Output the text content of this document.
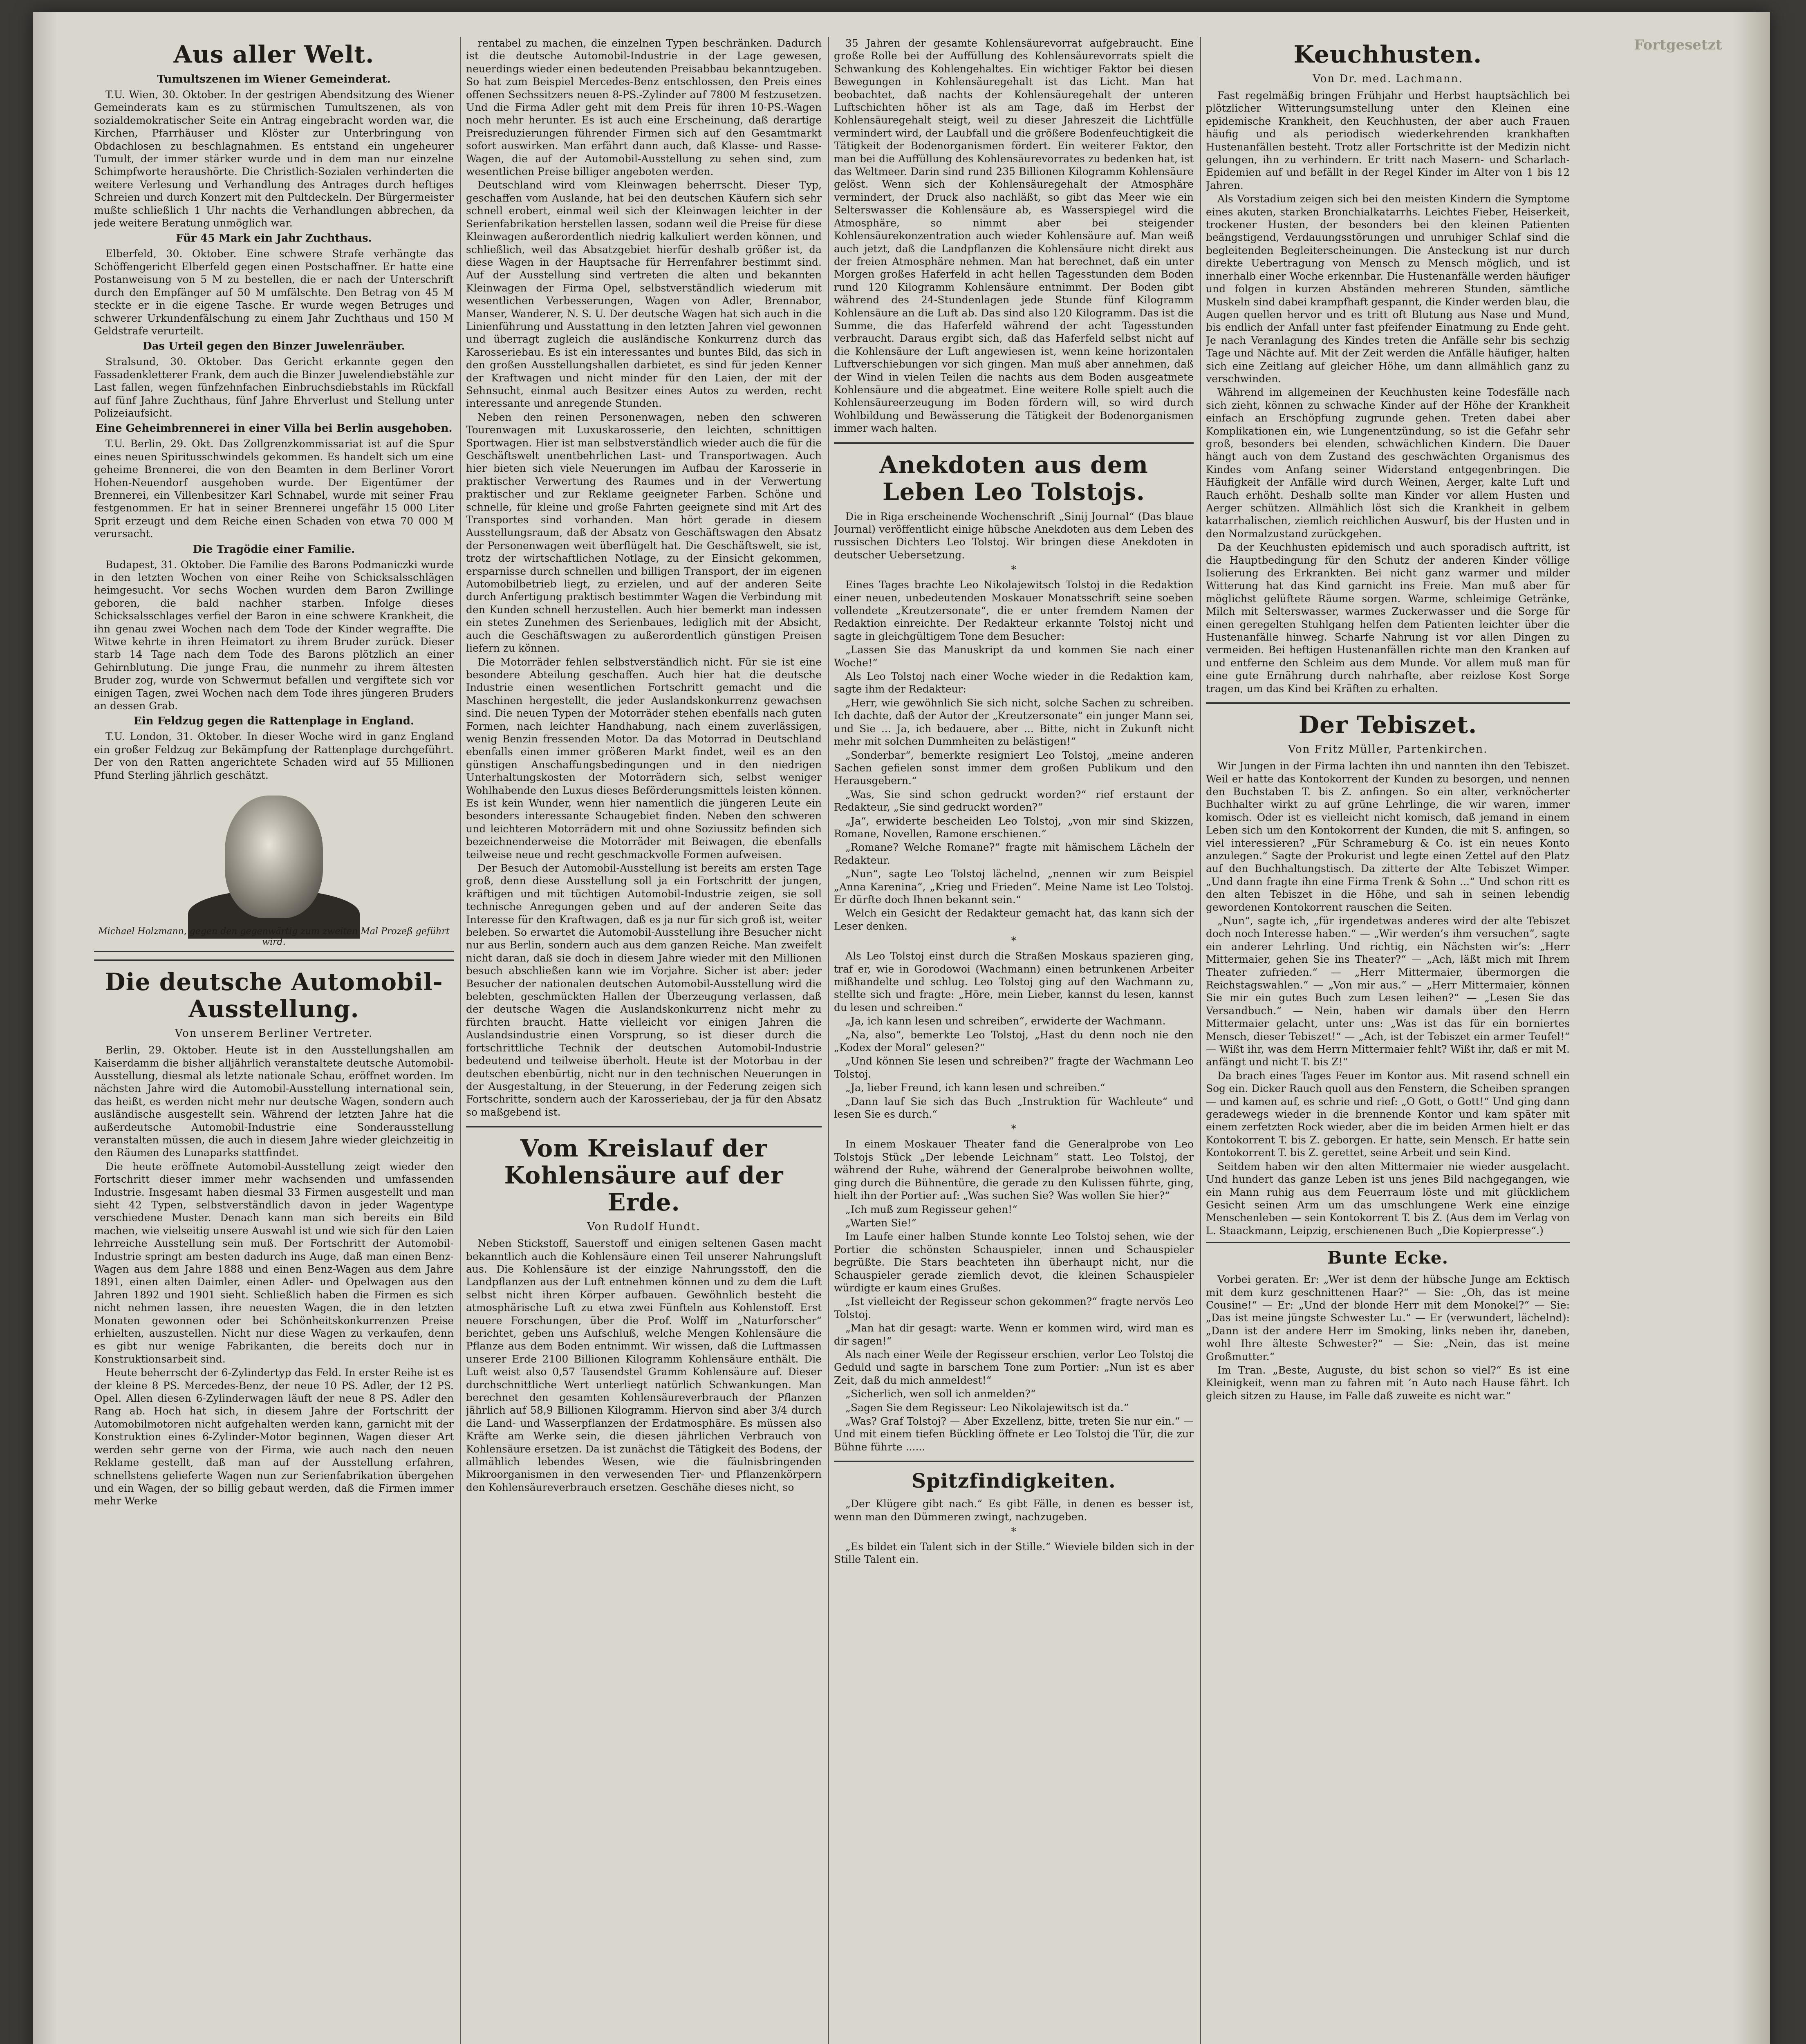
Aus aller Welt.
Tumultszenen im Wiener Gemeinderat.

T.U. Wien, 30. Oktober. In der gestrigen Abendsitzung des Wiener Gemeinderats kam es zu stürmischen Tumultszenen, als von sozialdemokratischer Seite ein Antrag eingebracht worden war, die Kirchen, Pfarrhäuser und Klöster zur Unterbringung von Obdachlosen zu beschlagnahmen. Es entstand ein ungeheurer Tumult, der immer stärker wurde und in dem man nur einzelne Schimpfworte heraushörte. Die Christlich-Sozialen verhinderten die weitere Verlesung und Verhandlung des Antrages durch heftiges Schreien und durch Konzert mit den Pultdeckeln. Der Bürgermeister mußte schließlich 1 Uhr nachts die Verhandlungen abbrechen, da jede weitere Beratung unmöglich war.

Für 45 Mark ein Jahr Zuchthaus.

Elberfeld, 30. Oktober. Eine schwere Strafe verhängte das Schöffengericht Elberfeld gegen einen Postschaffner. Er hatte eine Postanweisung von 5 M zu bestellen, die er nach der Unterschrift durch den Empfänger auf 50 M umfälschte. Den Betrag von 45 M steckte er in die eigene Tasche. Er wurde wegen Betruges und schwerer Urkundenfälschung zu einem Jahr Zuchthaus und 150 M Geldstrafe verurteilt.

Das Urteil gegen den Binzer Juwelenräuber.

Stralsund, 30. Oktober. Das Gericht erkannte gegen den Fassadenkletterer Frank, dem auch die Binzer Juwelendiebstähle zur Last fallen, wegen fünfzehnfachen Einbruchsdiebstahls im Rückfall auf fünf Jahre Zuchthaus, fünf Jahre Ehrverlust und Stellung unter Polizeiaufsicht.

Eine Geheimbrennerei in einer Villa bei Berlin ausgehoben.

T.U. Berlin, 29. Okt. Das Zollgrenzkommissariat ist auf die Spur eines neuen Spiritusschwindels gekommen. Es handelt sich um eine geheime Brennerei, die von den Beamten in dem Berliner Vorort Hohen-Neuendorf ausgehoben wurde. Der Eigentümer der Brennerei, ein Villenbesitzer Karl Schnabel, wurde mit seiner Frau festgenommen. Er hat in seiner Brennerei ungefähr 15 000 Liter Sprit erzeugt und dem Reiche einen Schaden von etwa 70 000 M verursacht.

Die Tragödie einer Familie.

Budapest, 31. Oktober. Die Familie des Barons Podmaniczki wurde in den letzten Wochen von einer Reihe von Schicksalsschlägen heimgesucht. Vor sechs Wochen wurden dem Baron Zwillinge geboren, die bald nachher starben. Infolge dieses Schicksalsschlages verfiel der Baron in eine schwere Krankheit, die ihn genau zwei Wochen nach dem Tode der Kinder wegraffte. Die Witwe kehrte in ihren Heimatort zu ihrem Bruder zurück. Dieser starb 14 Tage nach dem Tode des Barons plötzlich an einer Gehirnblutung. Die junge Frau, die nunmehr zu ihrem ältesten Bruder zog, wurde von Schwermut befallen und vergiftete sich vor einigen Tagen, zwei Wochen nach dem Tode ihres jüngeren Bruders an dessen Grab.

Ein Feldzug gegen die Rattenplage in England.

T.U. London, 31. Oktober. In dieser Woche wird in ganz England ein großer Feldzug zur Bekämpfung der Rattenplage durchgeführt. Der von den Ratten angerichtete Schaden wird auf 55 Millionen Pfund Sterling jährlich geschätzt.

Michael Holzmann, gegen den gegenwärtig zum zweiten Mal Prozeß geführt wird.
Die deutsche Automobil-Ausstellung.
Von unserem Berliner Vertreter.

Berlin, 29. Oktober. Heute ist in den Ausstellungshallen am Kaiserdamm die bisher alljährlich veranstaltete deutsche Automobil-Ausstellung, diesmal als letzte nationale Schau, eröffnet worden. Im nächsten Jahre wird die Automobil-Ausstellung international sein, das heißt, es werden nicht mehr nur deutsche Wagen, sondern auch ausländische ausgestellt sein. Während der letzten Jahre hat die außerdeutsche Automobil-Industrie eine Sonderausstellung veranstalten müssen, die auch in diesem Jahre wieder gleichzeitig in den Räumen des Lunaparks stattfindet.

Die heute eröffnete Automobil-Ausstellung zeigt wieder den Fortschritt dieser immer mehr wachsenden und umfassenden Industrie. Insgesamt haben diesmal 33 Firmen ausgestellt und man sieht 42 Typen, selbstverständlich davon in jeder Wagentype verschiedene Muster. Denach kann man sich bereits ein Bild machen, wie vielseitig unsere Auswahl ist und wie sich für den Laien lehrreiche Ausstellung sein muß. Der Fortschritt der Automobil-Industrie springt am besten dadurch ins Auge, daß man einen Benz-Wagen aus dem Jahre 1888 und einen Benz-Wagen aus dem Jahre 1891, einen alten Daimler, einen Adler- und Opelwagen aus den Jahren 1892 und 1901 sieht. Schließlich haben die Firmen es sich nicht nehmen lassen, ihre neuesten Wagen, die in den letzten Monaten gewonnen oder bei Schönheitskonkurrenzen Preise erhielten, auszustellen. Nicht nur diese Wagen zu verkaufen, denn es gibt nur wenige Fabrikanten, die bereits doch nur in Konstruktionsarbeit sind.

Heute beherrscht der 6-Zylindertyp das Feld. In erster Reihe ist es der kleine 8 PS. Mercedes-Benz, der neue 10 PS. Adler, der 12 PS. Opel. Allen diesen 6-Zylinderwagen läuft der neue 8 PS. Adler den Rang ab. Hoch hat sich, in diesem Jahre der Fortschritt der Automobilmotoren nicht aufgehalten werden kann, garnicht mit der Konstruktion eines 6-Zylinder-Motor beginnen, Wagen dieser Art werden sehr gerne von der Firma, wie auch nach den neuen Reklame gestellt, daß man auf der Ausstellung erfahren, schnellstens gelieferte Wagen nun zur Serienfabrikation übergehen und ein Wagen, der so billig gebaut werden, daß die Firmen immer mehr Werke

rentabel zu machen, die einzelnen Typen beschränken. Dadurch ist die deutsche Automobil-Industrie in der Lage gewesen, neuerdings wieder einen bedeutenden Preisabbau bekanntzugeben. So hat zum Beispiel Mercedes-Benz entschlossen, den Preis eines offenen Sechssitzers neuen 8-PS.-Zylinder auf 7800 M festzusetzen. Und die Firma Adler geht mit dem Preis für ihren 10-PS.-Wagen noch mehr herunter. Es ist auch eine Erscheinung, daß derartige Preisreduzierungen führender Firmen sich auf den Gesamtmarkt sofort auswirken. Man erfährt dann auch, daß Klasse- und Rasse-Wagen, die auf der Automobil-Ausstellung zu sehen sind, zum wesentlichen Preise billiger angeboten werden.

Deutschland wird vom Kleinwagen beherrscht. Dieser Typ, geschaffen vom Auslande, hat bei den deutschen Käufern sich sehr schnell erobert, einmal weil sich der Kleinwagen leichter in der Serienfabrikation herstellen lassen, sodann weil die Preise für diese Kleinwagen außerordentlich niedrig kalkuliert werden können, und schließlich, weil das Absatzgebiet hierfür deshalb größer ist, da diese Wagen in der Hauptsache für Herrenfahrer bestimmt sind. Auf der Ausstellung sind vertreten die alten und bekannten Kleinwagen der Firma Opel, selbstverständlich wiederum mit wesentlichen Verbesserungen, Wagen von Adler, Brennabor, Manser, Wanderer, N. S. U. Der deutsche Wagen hat sich auch in die Linienführung und Ausstattung in den letzten Jahren viel gewonnen und überragt zugleich die ausländische Konkurrenz durch das Karosseriebau. Es ist ein interessantes und buntes Bild, das sich in den großen Ausstellungshallen darbietet, es sind für jeden Kenner der Kraftwagen und nicht minder für den Laien, der mit der Sehnsucht, einmal auch Besitzer eines Autos zu werden, recht interessante und anregende Stunden.

Neben den reinen Personenwagen, neben den schweren Tourenwagen mit Luxuskarosserie, den leichten, schnittigen Sportwagen. Hier ist man selbstverständlich wieder auch die für die Geschäftswelt unentbehrlichen Last- und Transportwagen. Auch hier bieten sich viele Neuerungen im Aufbau der Karosserie in praktischer Verwertung des Raumes und in der Verwertung praktischer und zur Reklame geeigneter Farben. Schöne und schnelle, für kleine und große Fahrten geeignete sind mit Art des Transportes sind vorhanden. Man hört gerade in diesem Ausstellungsraum, daß der Absatz von Geschäftswagen den Absatz der Personenwagen weit überflügelt hat. Die Geschäftswelt, sie ist, trotz der wirtschaftlichen Notlage, zu der Einsicht gekommen, ersparnisse durch schnellen und billigen Transport, der im eigenen Automobilbetrieb liegt, zu erzielen, und auf der anderen Seite durch Anfertigung praktisch bestimmter Wagen die Verbindung mit den Kunden schnell herzustellen. Auch hier bemerkt man indessen ein stetes Zunehmen des Serienbaues, lediglich mit der Absicht, auch die Geschäftswagen zu außerordentlich günstigen Preisen liefern zu können.

Die Motorräder fehlen selbstverständlich nicht. Für sie ist eine besondere Abteilung geschaffen. Auch hier hat die deutsche Industrie einen wesentlichen Fortschritt gemacht und die Maschinen hergestellt, die jeder Auslandskonkurrenz gewachsen sind. Die neuen Typen der Motorräder stehen ebenfalls nach guten Formen, nach leichter Handhabung, nach einem zuverlässigen, wenig Benzin fressenden Motor. Da das Motorrad in Deutschland ebenfalls einen immer größeren Markt findet, weil es an den günstigen Anschaffungsbedingungen und in den niedrigen Unterhaltungskosten der Motorrädern sich, selbst weniger Wohlhabende den Luxus dieses Beförderungsmittels leisten können. Es ist kein Wunder, wenn hier namentlich die jüngeren Leute ein besonders interessante Schaugebiet finden. Neben den schweren und leichteren Motorrädern mit und ohne Soziussitz befinden sich bezeichnenderweise die Motorräder mit Beiwagen, die ebenfalls teilweise neue und recht geschmackvolle Formen aufweisen.

Der Besuch der Automobil-Ausstellung ist bereits am ersten Tage groß, denn diese Ausstellung soll ja ein Fortschritt der jungen, kräftigen und mit tüchtigen Automobil-Industrie zeigen, sie soll technische Anregungen geben und auf der anderen Seite das Interesse für den Kraftwagen, daß es ja nur für sich groß ist, weiter beleben. So erwartet die Automobil-Ausstellung ihre Besucher nicht nur aus Berlin, sondern auch aus dem ganzen Reiche. Man zweifelt nicht daran, daß sie doch in diesem Jahre wieder mit den Millionen besuch abschließen kann wie im Vorjahre. Sicher ist aber: jeder Besucher der nationalen deutschen Automobil-Ausstellung wird die belebten, geschmückten Hallen der Überzeugung verlassen, daß der deutsche Wagen die Auslandskonkurrenz nicht mehr zu fürchten braucht. Hatte vielleicht vor einigen Jahren die Auslandsindustrie einen Vorsprung, so ist dieser durch die fortschrittliche Technik der deutschen Automobil-Industrie bedeutend und teilweise überholt. Heute ist der Motorbau in der deutschen ebenbürtig, nicht nur in den technischen Neuerungen in der Ausgestaltung, in der Steuerung, in der Federung zeigen sich Fortschritte, sondern auch der Karosseriebau, der ja für den Absatz so maßgebend ist.

Vom Kreislauf der Kohlensäure auf der Erde.
Von Rudolf Hundt.

Neben Stickstoff, Sauerstoff und einigen seltenen Gasen macht bekanntlich auch die Kohlensäure einen Teil unserer Nahrungsluft aus. Die Kohlensäure ist der einzige Nahrungsstoff, den die Landpflanzen aus der Luft entnehmen können und zu dem die Luft selbst nicht ihren Körper aufbauen. Gewöhnlich besteht die atmosphärische Luft zu etwa zwei Fünfteln aus Kohlenstoff. Erst neuere Forschungen, über die Prof. Wolff im „Naturforscher“ berichtet, geben uns Aufschluß, welche Mengen Kohlensäure die Pflanze aus dem Boden entnimmt. Wir wissen, daß die Luftmassen unserer Erde 2100 Billionen Kilogramm Kohlensäure enthält. Die Luft weist also 0,57 Tausendstel Gramm Kohlensäure auf. Dieser durchschnittliche Wert unterliegt natürlich Schwankungen. Man berechnet den gesamten Kohlensäureverbrauch der Pflanzen jährlich auf 58,9 Billionen Kilogramm. Hiervon sind aber 3/4 durch die Land- und Wasserpflanzen der Erdatmosphäre. Es müssen also Kräfte am Werke sein, die diesen jährlichen Verbrauch von Kohlensäure ersetzen. Da ist zunächst die Tätigkeit des Bodens, der allmählich lebendes Wesen, wie die fäulnisbringenden Mikroorganismen in den verwesenden Tier- und Pflanzenkörpern den Kohlensäureverbrauch ersetzen. Geschähe dieses nicht, so

35 Jahren der gesamte Kohlensäurevorrat aufgebraucht. Eine große Rolle bei der Auffüllung des Kohlensäurevorrats spielt die Schwankung des Kohlengehaltes. Ein wichtiger Faktor bei diesen Bewegungen in Kohlensäuregehalt ist das Licht. Man hat beobachtet, daß nachts der Kohlensäuregehalt der unteren Luftschichten höher ist als am Tage, daß im Herbst der Kohlensäuregehalt steigt, weil zu dieser Jahreszeit die Lichtfülle vermindert wird, der Laubfall und die größere Bodenfeuchtigkeit die Tätigkeit der Bodenorganismen fördert. Ein weiterer Faktor, den man bei die Auffüllung des Kohlensäurevorrates zu bedenken hat, ist das Weltmeer. Darin sind rund 235 Billionen Kilogramm Kohlensäure gelöst. Wenn sich der Kohlensäuregehalt der Atmosphäre vermindert, der Druck also nachläßt, so gibt das Meer wie ein Selterswasser die Kohlensäure ab, es Wasserspiegel wird die Atmosphäre, so nimmt aber bei steigender Kohlensäurekonzentration auch wieder Kohlensäure auf. Man weiß auch jetzt, daß die Landpflanzen die Kohlensäure nicht direkt aus der freien Atmosphäre nehmen. Man hat berechnet, daß ein unter Morgen großes Haferfeld in acht hellen Tagesstunden dem Boden rund 120 Kilogramm Kohlensäure entnimmt. Der Boden gibt während des 24-Stundenlagen jede Stunde fünf Kilogramm Kohlensäure an die Luft ab. Das sind also 120 Kilogramm. Das ist die Summe, die das Haferfeld während der acht Tagesstunden verbraucht. Daraus ergibt sich, daß das Haferfeld selbst nicht auf die Kohlensäure der Luft angewiesen ist, wenn keine horizontalen Luftverschiebungen vor sich gingen. Man muß aber annehmen, daß der Wind in vielen Teilen die nachts aus dem Boden ausgeatmete Kohlensäure und die abgeatmet. Eine weitere Rolle spielt auch die Kohlensäureerzeugung im Boden fördern will, so wird durch Wohlbildung und Bewässerung die Tätigkeit der Bodenorganismen immer wach halten.

Anekdoten aus dem Leben Leo Tolstojs.

Die in Riga erscheinende Wochenschrift „Sinij Journal“ (Das blaue Journal) veröffentlicht einige hübsche Anekdoten aus dem Leben des russischen Dichters Leo Tolstoj. Wir bringen diese Anekdoten in deutscher Uebersetzung.

*

Eines Tages brachte Leo Nikolajewitsch Tolstoj in die Redaktion einer neuen, unbedeutenden Moskauer Monatsschrift seine soeben vollendete „Kreutzersonate“, die er unter fremdem Namen der Redaktion einreichte. Der Redakteur erkannte Tolstoj nicht und sagte in gleichgültigem Tone dem Besucher:

„Lassen Sie das Manuskript da und kommen Sie nach einer Woche!“

Als Leo Tolstoj nach einer Woche wieder in die Redaktion kam, sagte ihm der Redakteur:

„Herr, wie gewöhnlich Sie sich nicht, solche Sachen zu schreiben. Ich dachte, daß der Autor der „Kreutzersonate“ ein junger Mann sei, und Sie ... Ja, ich bedauere, aber ... Bitte, nicht in Zukunft nicht mehr mit solchen Dummheiten zu belästigen!“

„Sonderbar“, bemerkte resigniert Leo Tolstoj, „meine anderen Sachen gefielen sonst immer dem großen Publikum und den Herausgebern.“

„Was, Sie sind schon gedruckt worden?“ rief erstaunt der Redakteur, „Sie sind gedruckt worden?“

„Ja“, erwiderte bescheiden Leo Tolstoj, „von mir sind Skizzen, Romane, Novellen, Ramone erschienen.“

„Romane? Welche Romane?“ fragte mit hämischem Lächeln der Redakteur.

„Nun“, sagte Leo Tolstoj lächelnd, „nennen wir zum Beispiel „Anna Karenina“, „Krieg und Frieden“. Meine Name ist Leo Tolstoj. Er dürfte doch Ihnen bekannt sein.“

Welch ein Gesicht der Redakteur gemacht hat, das kann sich der Leser denken.

*

Als Leo Tolstoj einst durch die Straßen Moskaus spazieren ging, traf er, wie in Gorodowoi (Wachmann) einen betrunkenen Arbeiter mißhandelte und schlug. Leo Tolstoj ging auf den Wachmann zu, stellte sich und fragte: „Höre, mein Lieber, kannst du lesen, kannst du lesen und schreiben.“

„Ja, ich kann lesen und schreiben“, erwiderte der Wachmann.

„Na, also“, bemerkte Leo Tolstoj, „Hast du denn noch nie den „Kodex der Moral“ gelesen?“

„Und können Sie lesen und schreiben?“ fragte der Wachmann Leo Tolstoj.

„Ja, lieber Freund, ich kann lesen und schreiben.“

„Dann lauf Sie sich das Buch „Instruktion für Wachleute“ und lesen Sie es durch.“

*

In einem Moskauer Theater fand die Generalprobe von Leo Tolstojs Stück „Der lebende Leichnam“ statt. Leo Tolstoj, der während der Ruhe, während der Generalprobe beiwohnen wollte, ging durch die Bühnentüre, die gerade zu den Kulissen führte, ging, hielt ihn der Portier auf: „Was suchen Sie? Was wollen Sie hier?“

„Ich muß zum Regisseur gehen!“

„Warten Sie!“

Im Laufe einer halben Stunde konnte Leo Tolstoj sehen, wie der Portier die schönsten Schauspieler, innen und Schauspieler begrüßte. Die Stars beachteten ihn überhaupt nicht, nur die Schauspieler gerade ziemlich devot, die kleinen Schauspieler würdigte er kaum eines Grußes.

„Ist vielleicht der Regisseur schon gekommen?“ fragte nervös Leo Tolstoj.

„Man hat dir gesagt: warte. Wenn er kommen wird, wird man es dir sagen!“

Als nach einer Weile der Regisseur erschien, verlor Leo Tolstoj die Geduld und sagte in barschem Tone zum Portier: „Nun ist es aber Zeit, daß du mich anmeldest!“

„Sicherlich, wen soll ich anmelden?“

„Sagen Sie dem Regisseur: Leo Nikolajewitsch ist da.“

„Was? Graf Tolstoj? — Aber Exzellenz, bitte, treten Sie nur ein.“ — Und mit einem tiefen Bückling öffnete er Leo Tolstoj die Tür, die zur Bühne führte ......

Spitzfindigkeiten.

„Der Klügere gibt nach.“ Es gibt Fälle, in denen es besser ist, wenn man den Dümmeren zwingt, nachzugeben.

*

„Es bildet ein Talent sich in der Stille.“ Wieviele bilden sich in der Stille Talent ein.

Keuchhusten.
Von Dr. med. Lachmann.

Fast regelmäßig bringen Frühjahr und Herbst hauptsächlich bei plötzlicher Witterungsumstellung unter den Kleinen eine epidemische Krankheit, den Keuchhusten, der aber auch Frauen häufig und als periodisch wiederkehrenden krankhaften Hustenanfällen besteht. Trotz aller Fortschritte ist der Medizin nicht gelungen, ihn zu verhindern. Er tritt nach Masern- und Scharlach-Epidemien auf und befällt in der Regel Kinder im Alter von 1 bis 12 Jahren.

Als Vorstadium zeigen sich bei den meisten Kindern die Symptome eines akuten, starken Bronchialkatarrhs. Leichtes Fieber, Heiserkeit, trockener Husten, der besonders bei den kleinen Patienten beängstigend, Verdauungsstörungen und unruhiger Schlaf sind die begleitenden Begleiterscheinungen. Die Ansteckung ist nur durch direkte Uebertragung von Mensch zu Mensch möglich, und ist innerhalb einer Woche erkennbar. Die Hustenanfälle werden häufiger und folgen in kurzen Abständen mehreren Stunden, sämtliche Muskeln sind dabei krampfhaft gespannt, die Kinder werden blau, die Augen quellen hervor und es tritt oft Blutung aus Nase und Mund, bis endlich der Anfall unter fast pfeifender Einatmung zu Ende geht. Je nach Veranlagung des Kindes treten die Anfälle sehr bis sechzig Tage und Nächte auf. Mit der Zeit werden die Anfälle häufiger, halten sich eine Zeitlang auf gleicher Höhe, um dann allmählich ganz zu verschwinden.

Während im allgemeinen der Keuchhusten keine Todesfälle nach sich zieht, können zu schwache Kinder auf der Höhe der Krankheit einfach an Erschöpfung zugrunde gehen. Treten dabei aber Komplikationen ein, wie Lungenentzündung, so ist die Gefahr sehr groß, besonders bei elenden, schwächlichen Kindern. Die Dauer hängt auch von dem Zustand des geschwächten Organismus des Kindes vom Anfang seiner Widerstand entgegenbringen. Die Häufigkeit der Anfälle wird durch Weinen, Aerger, kalte Luft und Rauch erhöht. Deshalb sollte man Kinder vor allem Husten und Aerger schützen. Allmählich löst sich die Krankheit in gelbem katarrhalischen, ziemlich reichlichen Auswurf, bis der Husten und in den Normalzustand zurückgehen.

Da der Keuchhusten epidemisch und auch sporadisch auftritt, ist die Hauptbedingung für den Schutz der anderen Kinder völlige Isolierung des Erkrankten. Bei nicht ganz warmer und milder Witterung hat das Kind garnicht ins Freie. Man muß aber für möglichst gelüftete Räume sorgen. Warme, schleimige Getränke, Milch mit Selterswasser, warmes Zuckerwasser und die Sorge für einen geregelten Stuhlgang helfen dem Patienten leichter über die Hustenanfälle hinweg. Scharfe Nahrung ist vor allen Dingen zu vermeiden. Bei heftigen Hustenanfällen richte man den Kranken auf und entferne den Schleim aus dem Munde. Vor allem muß man für eine gute Ernährung durch nahrhafte, aber reizlose Kost Sorge tragen, um das Kind bei Kräften zu erhalten.

Der Tebiszet.
Von Fritz Müller, Partenkirchen.

Wir Jungen in der Firma lachten ihn und nannten ihn den Tebiszet. Weil er hatte das Kontokorrent der Kunden zu besorgen, und nennen den Buchstaben T. bis Z. anfingen. So ein alter, verknöcherter Buchhalter wirkt zu auf grüne Lehrlinge, die wir waren, immer komisch. Oder ist es vielleicht nicht komisch, daß jemand in einem Leben sich um den Kontokorrent der Kunden, die mit S. anfingen, so viel interessieren? „Für Schrameburg & Co. ist ein neues Konto anzulegen.“ Sagte der Prokurist und legte einen Zettel auf den Platz auf den Buchhaltungstisch. Da zitterte der Alte Tebiszet Wimper. „Und dann fragte ihn eine Firma Trenk & Sohn ...“ Und schon ritt es den alten Tebiszet in die Höhe, und sah in seinen lebendig gewordenen Kontokorrent rauschen die Seiten.

„Nun“, sagte ich, „für irgendetwas anderes wird der alte Tebiszet doch noch Interesse haben.“ — „Wir werden’s ihm versuchen“, sagte ein anderer Lehrling. Und richtig, ein Nächsten wir’s: „Herr Mittermaier, gehen Sie ins Theater?“ — „Ach, läßt mich mit Ihrem Theater zufrieden.“ — „Herr Mittermaier, übermorgen die Reichstagswahlen.“ — „Von mir aus.“ — „Herr Mittermaier, können Sie mir ein gutes Buch zum Lesen leihen?“ — „Lesen Sie das Versandbuch.“ — Nein, haben wir damals über den Herrn Mittermaier gelacht, unter uns: „Was ist das für ein borniertes Mensch, dieser Tebiszet!“ — „Ach, ist der Tebiszet ein armer Teufel!“ — Wißt ihr, was dem Herrn Mittermaier fehlt? Wißt ihr, daß er mit M. anfängt und nicht T. bis Z!“

Da brach eines Tages Feuer im Kontor aus. Mit rasend schnell ein Sog ein. Dicker Rauch quoll aus den Fenstern, die Scheiben sprangen — und kamen auf, es schrie und rief: „O Gott, o Gott!“ Und ging dann geradewegs wieder in die brennende Kontor und kam später mit einem zerfetzten Rock wieder, aber die im beiden Armen hielt er das Kontokorrent T. bis Z. geborgen. Er hatte, sein Mensch. Er hatte sein Kontokorrent T. bis Z. gerettet, seine Arbeit und sein Kind.

Seitdem haben wir den alten Mittermaier nie wieder ausgelacht. Und hundert das ganze Leben ist uns jenes Bild nachgegangen, wie ein Mann ruhig aus dem Feuerraum löste und mit glücklichem Gesicht seinen Arm um das umschlungene Werk eine einzige Menschenleben — sein Kontokorrent T. bis Z. (Aus dem im Verlag von L. Staackmann, Leipzig, erschienenen Buch „Die Kopierpresse“.)

Bunte Ecke.

Vorbei geraten. Er: „Wer ist denn der hübsche Junge am Ecktisch mit dem kurz geschnittenen Haar?“ — Sie: „Oh, das ist meine Cousine!“ — Er: „Und der blonde Herr mit dem Monokel?“ — Sie: „Das ist meine jüngste Schwester Lu.“ — Er (verwundert, lächelnd): „Dann ist der andere Herr im Smoking, links neben ihr, daneben, wohl Ihre älteste Schwester?“ — Sie: „Nein, das ist meine Großmutter.“

Im Tran. „Beste, Auguste, du bist schon so viel?“ Es ist eine Kleinigkeit, wenn man zu fahren mit ’n Auto nach Hause fährt. Ich gleich sitzen zu Hause, im Falle daß zuweite es nicht war.“

Fortgesetzt
